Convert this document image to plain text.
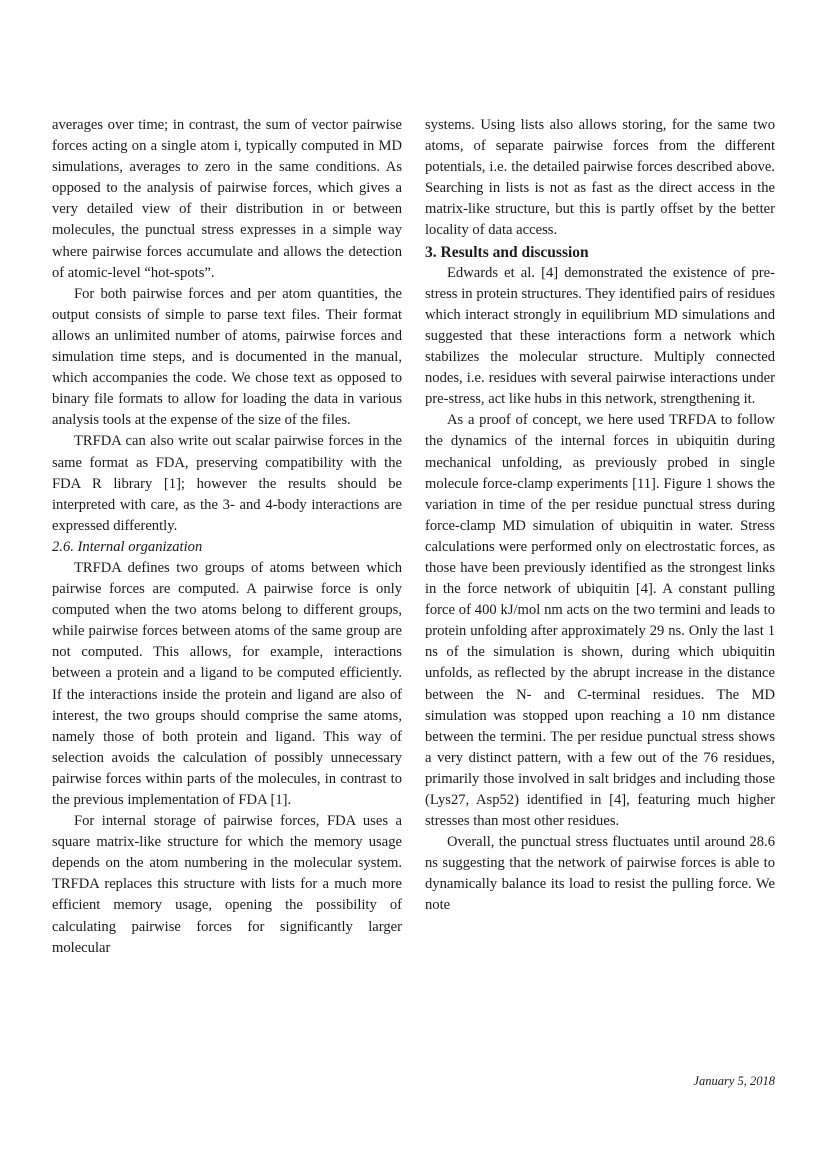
averages over time; in contrast, the sum of vector pairwise forces acting on a single atom i, typically computed in MD simulations, averages to zero in the same conditions. As opposed to the analysis of pairwise forces, which gives a very detailed view of their distribution in or between molecules, the punctual stress expresses in a simple way where pairwise forces accumulate and allows the detection of atomic-level “hot-spots”.

For both pairwise forces and per atom quantities, the output consists of simple to parse text files. Their format allows an unlimited number of atoms, pairwise forces and simulation time steps, and is documented in the manual, which accompanies the code. We chose text as opposed to binary file formats to allow for loading the data in various analysis tools at the expense of the size of the files.

TRFDA can also write out scalar pairwise forces in the same format as FDA, preserving compatibility with the FDA R library [1]; however the results should be interpreted with care, as the 3- and 4-body interactions are expressed differently.

2.6. Internal organization

TRFDA defines two groups of atoms between which pairwise forces are computed. A pairwise force is only computed when the two atoms belong to different groups, while pairwise forces between atoms of the same group are not computed. This allows, for example, interactions between a protein and a ligand to be computed efficiently. If the interactions inside the protein and ligand are also of interest, the two groups should comprise the same atoms, namely those of both protein and ligand. This way of selection avoids the calculation of possibly unnecessary pairwise forces within parts of the molecules, in contrast to the previous implementation of FDA [1].

For internal storage of pairwise forces, FDA uses a square matrix-like structure for which the memory usage depends on the atom numbering in the molecular system. TRFDA replaces this structure with lists for a much more efficient memory usage, opening the possibility of calculating pairwise forces for significantly larger molecular

systems. Using lists also allows storing, for the same two atoms, of separate pairwise forces from the different potentials, i.e. the detailed pairwise forces described above. Searching in lists is not as fast as the direct access in the matrix-like structure, but this is partly offset by the better locality of data access.

3. Results and discussion

Edwards et al. [4] demonstrated the existence of pre-stress in protein structures. They identified pairs of residues which interact strongly in equilibrium MD simulations and suggested that these interactions form a network which stabilizes the molecular structure. Multiply connected nodes, i.e. residues with several pairwise interactions under pre-stress, act like hubs in this network, strengthening it.

As a proof of concept, we here used TRFDA to follow the dynamics of the internal forces in ubiquitin during mechanical unfolding, as previously probed in single molecule force-clamp experiments [11]. Figure 1 shows the variation in time of the per residue punctual stress during force-clamp MD simulation of ubiquitin in water. Stress calculations were performed only on electrostatic forces, as those have been previously identified as the strongest links in the force network of ubiquitin [4]. A constant pulling force of 400 kJ/mol nm acts on the two termini and leads to protein unfolding after approximately 29 ns. Only the last 1 ns of the simulation is shown, during which ubiquitin unfolds, as reflected by the abrupt increase in the distance between the N- and C-terminal residues. The MD simulation was stopped upon reaching a 10 nm distance between the termini. The per residue punctual stress shows a very distinct pattern, with a few out of the 76 residues, primarily those involved in salt bridges and including those (Lys27, Asp52) identified in [4], featuring much higher stresses than most other residues.

Overall, the punctual stress fluctuates until around 28.6 ns suggesting that the network of pairwise forces is able to dynamically balance its load to resist the pulling force. We note

January 5, 2018
